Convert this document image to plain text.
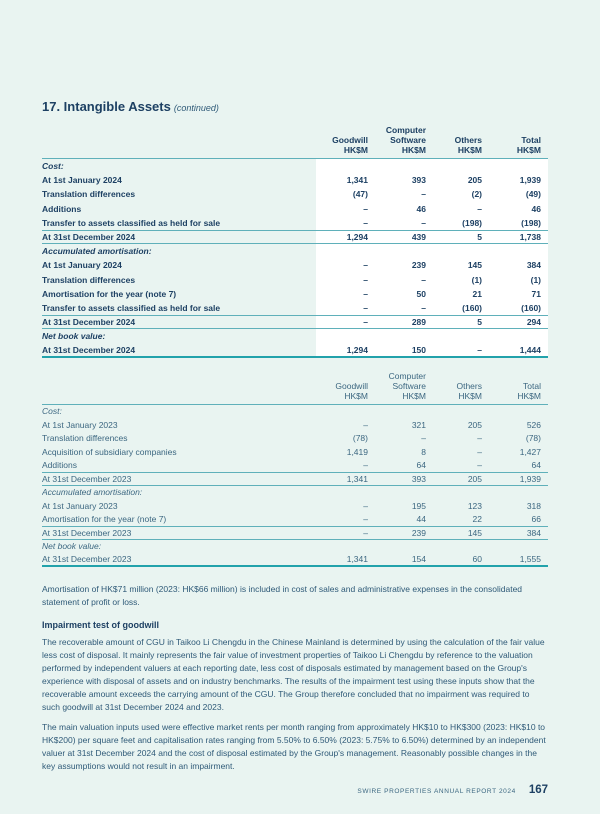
17. Intangible Assets (continued)
Goodwill
HK$M
Computer
Software
HK$M
Others
HK$M
Total
HK$M
Cost:
At 1st January 2024	1,341	393	205	1,939
Translation differences	(47)	–	(2)	(49)
Additions	–	46	–	46
Transfer to assets classified as held for sale	–	–	(198)	(198)
At 31st December 2024	1,294	439	5	1,738
Accumulated amortisation:
At 1st January 2024	–	239	145	384
Translation differences	–	–	(1)	(1)
Amortisation for the year (note 7)	–	50	21	71
Transfer to assets classified as held for sale	–	–	(160)	(160)
At 31st December 2024	–	289	5	294
Net book value:
At 31st December 2024	1,294	150	–	1,444
Goodwill
HK$M
Computer
Software
HK$M
Others
HK$M
Total
HK$M
Cost:
At 1st January 2023	–	321	205	526
Translation differences	(78)	–	–	(78)
Acquisition of subsidiary companies	1,419	8	–	1,427
Additions	–	64	–	64
At 31st December 2023	1,341	393	205	1,939
Accumulated amortisation:
At 1st January 2023	–	195	123	318
Amortisation for the year (note 7)	–	44	22	66
At 31st December 2023	–	239	145	384
Net book value:
At 31st December 2023	1,341	154	60	1,555

Amortisation of HK$71 million (2023: HK$66 million) is included in cost of sales and administrative expenses in the consolidated statement of profit or loss.

Impairment test of goodwill

The recoverable amount of CGU in Taikoo Li Chengdu in the Chinese Mainland is determined by using the calculation of the fair value less cost of disposal. It mainly represents the fair value of investment properties of Taikoo Li Chengdu by reference to the valuation performed by independent valuers at each reporting date, less cost of disposals estimated by management based on the Group's experience with disposal of assets and on industry benchmarks. The results of the impairment test using these inputs show that the recoverable amount exceeds the carrying amount of the CGU. The Group therefore concluded that no impairment was required to such goodwill at 31st December 2024 and 2023.

The main valuation inputs used were effective market rents per month ranging from approximately HK$10 to HK$300 (2023: HK$10 to HK$200) per square feet and capitalisation rates ranging from 5.50% to 6.50% (2023: 5.75% to 6.50%) determined by an independent valuer at 31st December 2024 and the cost of disposal estimated by the Group's management. Reasonably possible changes in the key assumptions would not result in an impairment.

SWIRE PROPERTIES ANNUAL REPORT 2024 167
